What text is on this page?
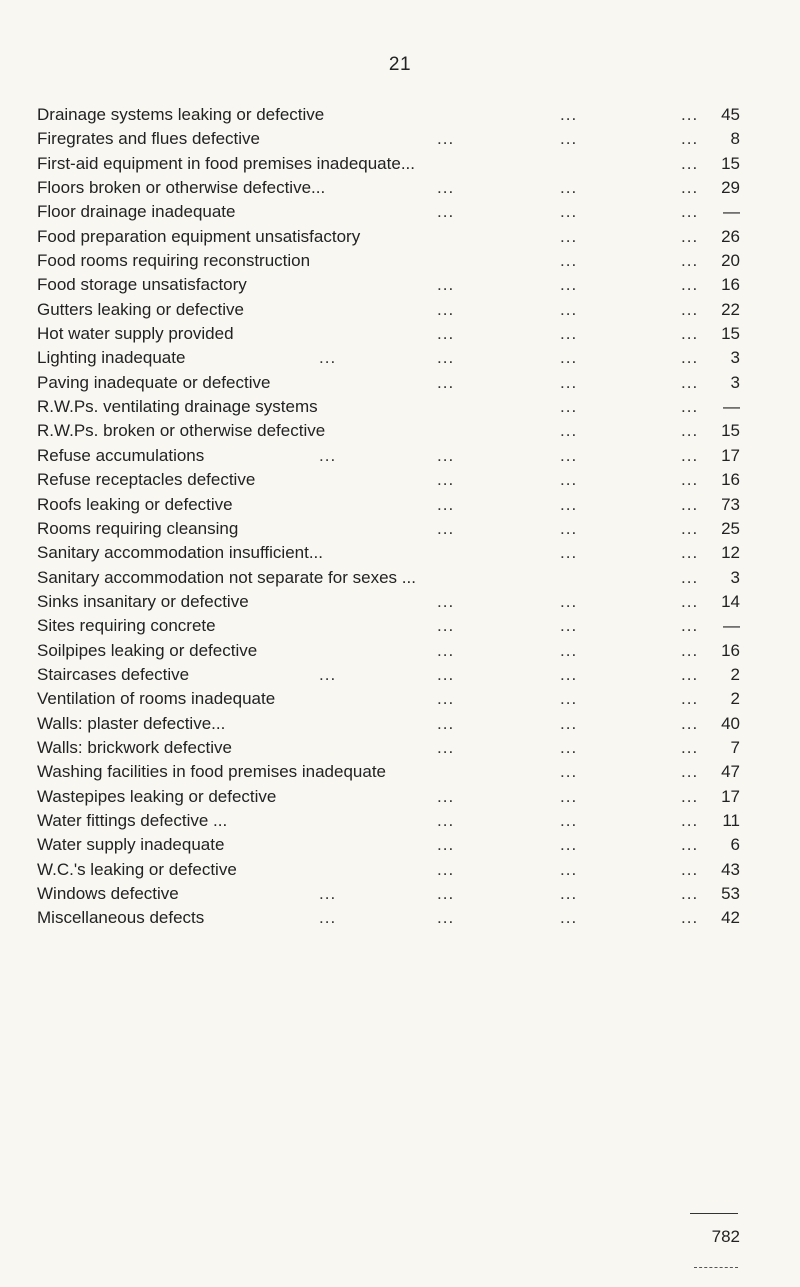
21
Drainage systems leaking or defective	...	...	45
Firegrates and flues defective	...	...	...	8
First-aid equipment in food premises inadequate...	...	15
Floors broken or otherwise defective...	...	...	...	29
Floor drainage inadequate	...	...	...	—
Food preparation equipment unsatisfactory	...	...	26
Food rooms requiring reconstruction	...	...	20
Food storage unsatisfactory	...	...	...	16
Gutters leaking or defective	...	...	...	22
Hot water supply provided	...	...	...	15
Lighting inadequate	...	...	...	...	3
Paving inadequate or defective	...	...	...	3
R.W.Ps. ventilating drainage systems	...	...	—
R.W.Ps. broken or otherwise defective	...	...	15
Refuse accumulations	...	...	...	...	17
Refuse receptacles defective	...	...	...	16
Roofs leaking or defective	...	...	...	73
Rooms requiring cleansing	...	...	...	25
Sanitary accommodation insufficient...	...	...	12
Sanitary accommodation not separate for sexes ...	...	3
Sinks insanitary or defective	...	...	...	14
Sites requiring concrete	...	...	...	—
Soilpipes leaking or defective	...	...	...	16
Staircases defective	...	...	...	...	2
Ventilation of rooms inadequate	...	...	...	2
Walls: plaster defective...	...	...	...	40
Walls: brickwork defective	...	...	...	7
Washing facilities in food premises inadequate	...	...	47
Wastepipes leaking or defective	...	...	...	17
Water fittings defective ...	...	...	...	11
Water supply inadequate	...	...	...	6
W.C.'s leaking or defective	...	...	...	43
Windows defective	...	...	...	...	53
Miscellaneous defects	...	...	...	...	42
782
